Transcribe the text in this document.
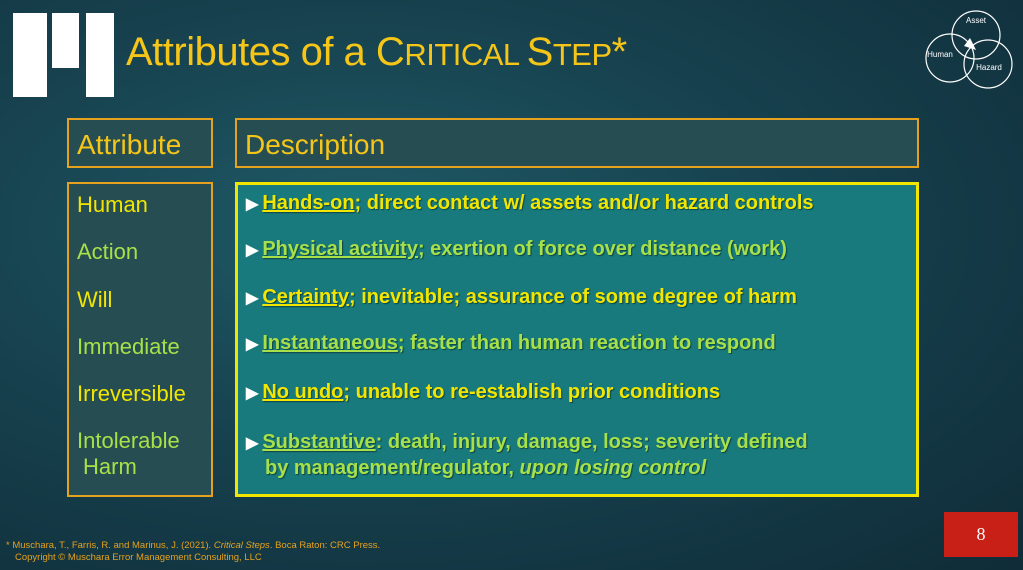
Attributes of a CRITICAL STEP*
Asset
Human
Hazard
Attribute	Description
Human
Action
Will
Immediate
Irreversible
Intolerable
Harm
▶ Hands-on; direct contact w/ assets and/or hazard controls
▶ Physical activity; exertion of force over distance (work)
▶ Certainty; inevitable; assurance of some degree of harm
▶ Instantaneous; faster than human reaction to respond
▶ No undo; unable to re-establish prior conditions
▶ Substantive: death, injury, damage, loss; severity defined
by management/regulator, upon losing control
* Muschara, T., Farris, R. and Marinus, J. (2021). Critical Steps. Boca Raton: CRC Press.
Copyright © Muschara Error Management Consulting, LLC
8
